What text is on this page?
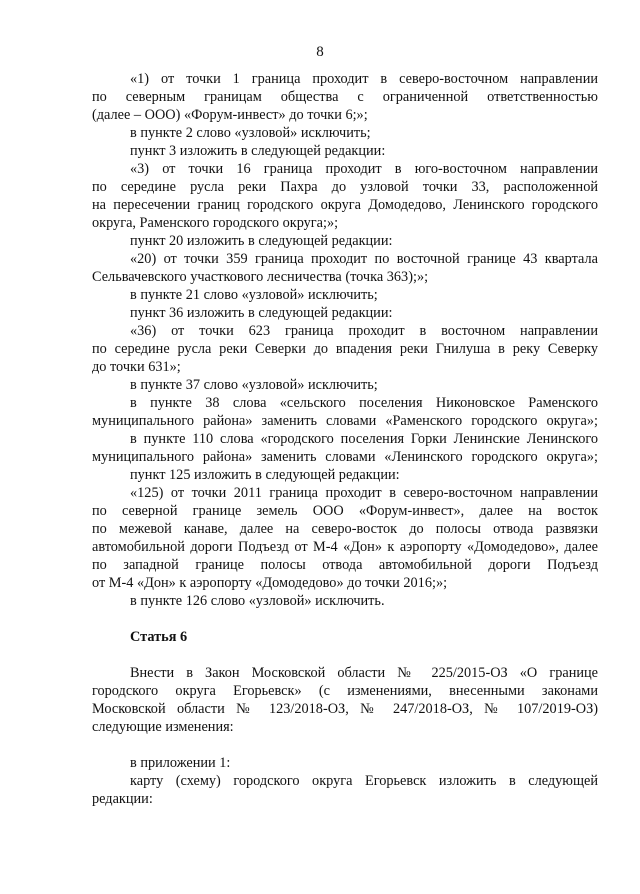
8
«1) от точки 1 граница проходит в северо-восточном направлении
по северным границам общества с ограниченной ответственностью
(далее – ООО) «Форум-инвест» до точки 6;»;
в пункте 2 слово «узловой» исключить;
пункт 3 изложить в следующей редакции:
«3) от точки 16 граница проходит в юго-восточном направлении
по середине русла реки Пахра до узловой точки 33, расположенной
на пересечении границ городского округа Домодедово, Ленинского городского
округа, Раменского городского округа;»;
пункт 20 изложить в следующей редакции:
«20) от точки 359 граница проходит по восточной границе 43 квартала
Сельвачевского участкового лесничества (точка 363);»;
в пункте 21 слово «узловой» исключить;
пункт 36 изложить в следующей редакции:
«36) от точки 623 граница проходит в восточном направлении
по середине русла реки Северки до впадения реки Гнилуша в реку Северку
до точки 631»;
в пункте 37 слово «узловой» исключить;
в пункте 38 слова «сельского поселения Никоновское Раменского
муниципального района» заменить словами «Раменского городского округа»;
в пункте 110 слова «городского поселения Горки Ленинские Ленинского
муниципального района» заменить словами «Ленинского городского округа»;
пункт 125 изложить в следующей редакции:
«125) от точки 2011 граница проходит в северо-восточном направлении
по северной границе земель ООО «Форум-инвест», далее на восток
по межевой канаве, далее на северо-восток до полосы отвода развязки
автомобильной дороги Подъезд от М-4 «Дон» к аэропорту «Домодедово», далее
по западной границе полосы отвода автомобильной дороги Подъезд
от М-4 «Дон» к аэропорту «Домодедово» до точки 2016;»;
в пункте 126 слово «узловой» исключить.
Статья 6
Внести в Закон Московской области № 225/2015-ОЗ «О границе
городского округа Егорьевск» (с изменениями, внесенными законами
Московской области № 123/2018-ОЗ, № 247/2018-ОЗ, № 107/2019-ОЗ)
следующие изменения:
в приложении 1:
карту (схему) городского округа Егорьевск изложить в следующей
редакции:
